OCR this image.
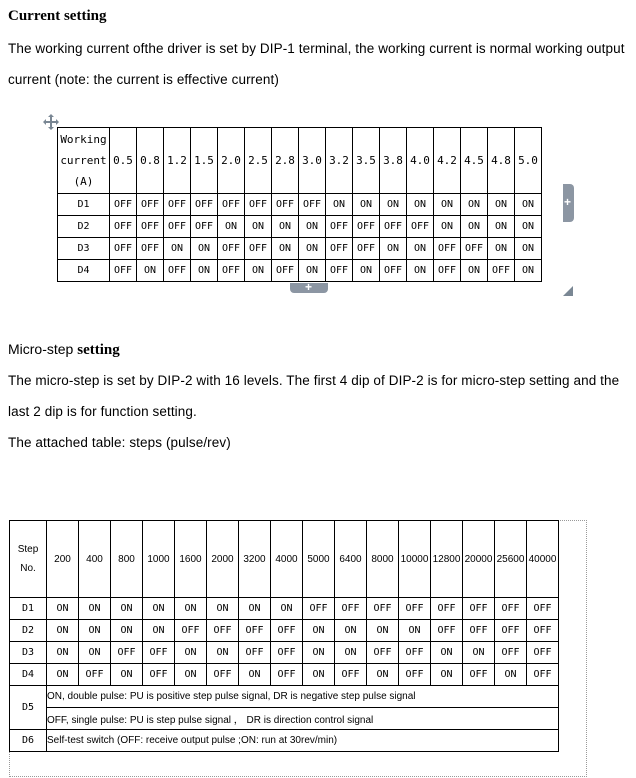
Current setting
The working current ofthe driver is set by DIP-1 terminal, the working current is normal working output
current (note: the current is effective current)
Working
current
(A)	0.5	0.8	1.2	1.5	2.0	2.5	2.8	3.0	3.2	3.5	3.8	4.0	4.2	4.5	4.8	5.0
D1	OFF	OFF	OFF	OFF	OFF	OFF	OFF	OFF	ON	ON	ON	ON	ON	ON	ON	ON
D2	OFF	OFF	OFF	OFF	ON	ON	ON	ON	OFF	OFF	OFF	OFF	ON	ON	ON	ON
D3	OFF	OFF	ON	ON	OFF	OFF	ON	ON	OFF	OFF	ON	ON	OFF	OFF	ON	ON
D4	OFF	ON	OFF	ON	OFF	ON	OFF	ON	OFF	ON	OFF	ON	OFF	ON	OFF	ON
+
+
Micro-step setting
The micro-step is set by DIP-2 with 16 levels. The first 4 dip of DIP-2 is for micro-step setting and the
last 2 dip is for function setting.
The attached table: steps (pulse/rev)
Step
No.	200	400	800	1000	1600	2000	3200	4000	5000	6400	8000	10000	12800	20000	25600	40000
D1	ON	ON	ON	ON	ON	ON	ON	ON	OFF	OFF	OFF	OFF	OFF	OFF	OFF	OFF
D2	ON	ON	ON	ON	OFF	OFF	OFF	OFF	ON	ON	ON	ON	OFF	OFF	OFF	OFF
D3	ON	ON	OFF	OFF	ON	ON	OFF	OFF	ON	ON	OFF	OFF	ON	ON	OFF	OFF
D4	ON	OFF	ON	OFF	ON	OFF	ON	OFF	ON	OFF	ON	OFF	ON	OFF	ON	OFF
D5	ON, double pulse: PU is positive step pulse signal, DR is negative step pulse signal															
	OFF, single pulse: PU is step pulse signal ， DR is direction control signal															
D6	Self-test switch (OFF: receive output pulse ;ON: run at 30rev/min)															
